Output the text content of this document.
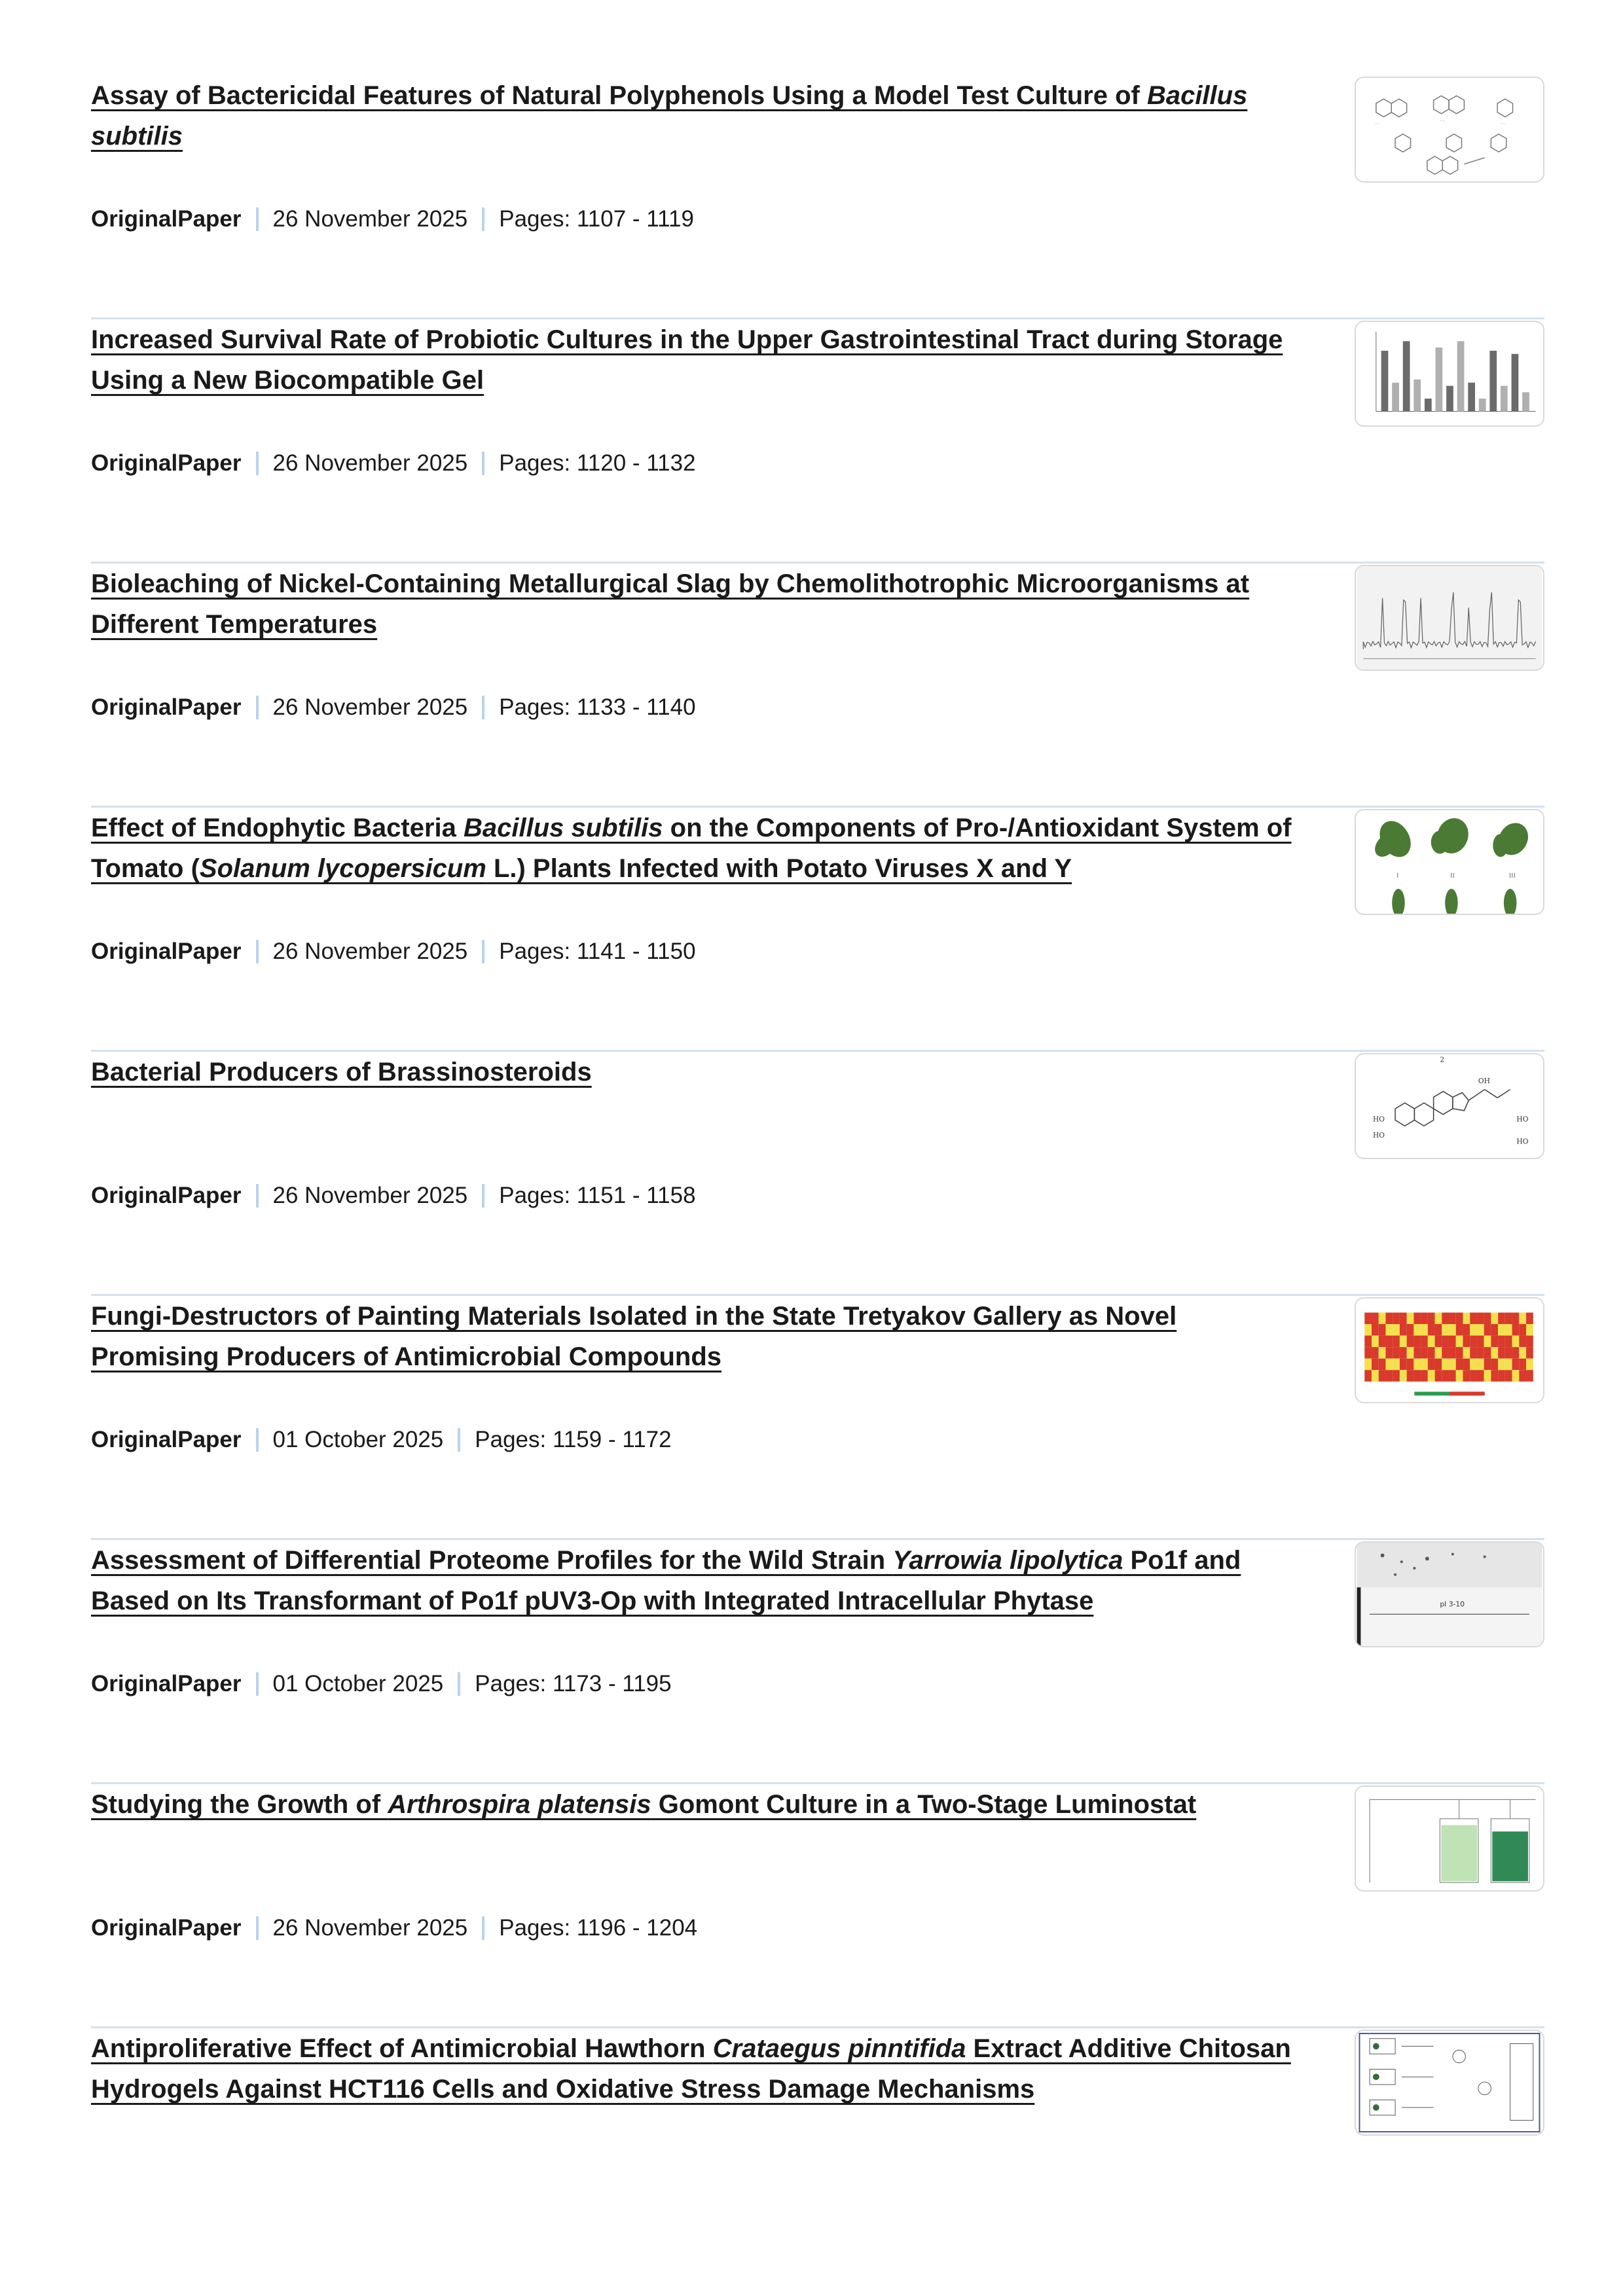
Assay of Bactericidal Features of Natural Polyphenols Using a Model Test Culture of Bacillus subtilis
OriginalPaper 26 November 2025 Pages: 1107 - 1119
···
···
···
Increased Survival Rate of Probiotic Cultures in the Upper Gastrointestinal Tract during Storage Using a New Biocompatible Gel
OriginalPaper 26 November 2025 Pages: 1120 - 1132
Bioleaching of Nickel-Containing Metallurgical Slag by Chemolithotrophic Microorganisms at Different Temperatures
OriginalPaper 26 November 2025 Pages: 1133 - 1140
Effect of Endophytic Bacteria Bacillus subtilis on the Components of Pro-/Antioxidant System of Tomato (Solanum lycopersicum L.) Plants Infected with Potato Viruses X and Y
OriginalPaper 26 November 2025 Pages: 1141 - 1150
I	II	III
Bacterial Producers of Brassinosteroids
OriginalPaper 26 November 2025 Pages: 1151 - 1158
2
HO
HO
HO
HO
OH
Fungi-Destructors of Painting Materials Isolated in the State Tretyakov Gallery as Novel Promising Producers of Antimicrobial Compounds
OriginalPaper 01 October 2025 Pages: 1159 - 1172
Assessment of Differential Proteome Profiles for the Wild Strain Yarrowia lipolytica Po1f and Based on Its Transformant of Po1f pUV3-Op with Integrated Intracellular Phytase
OriginalPaper 01 October 2025 Pages: 1173 - 1195
pI 3-10
Studying the Growth of Arthrospira platensis Gomont Culture in a Two-Stage Luminostat
OriginalPaper 26 November 2025 Pages: 1196 - 1204
Antiproliferative Effect of Antimicrobial Hawthorn Crataegus pinntifida Extract Additive Chitosan Hydrogels Against HCT116 Cells and Oxidative Stress Damage Mechanisms
